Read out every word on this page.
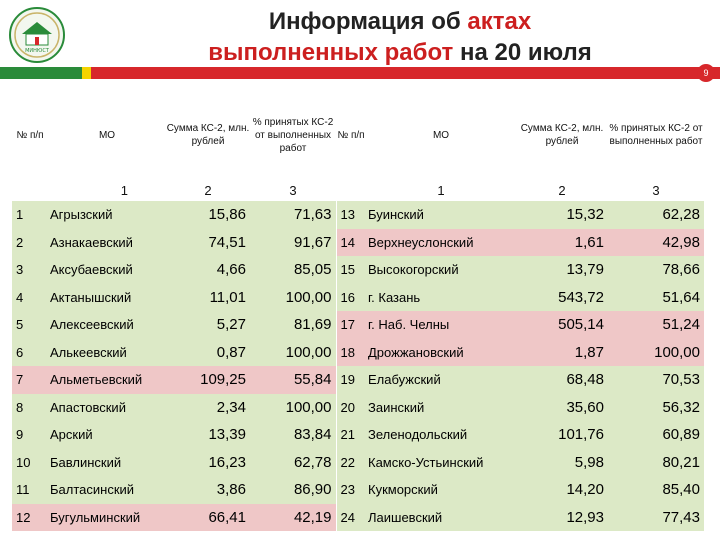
МИНЮСТ
Информация об актах
выполненных работ на 20 июля
9
№ п/п	МО	Сумма КС-2, млн. рублей	% принятых КС-2 от выполненных работ	№ п/п	МО	Сумма КС-2, млн. рублей	% принятых КС-2 от выполненных работ
	1	2	3		1	2	3
1	Агрызский	15,86	71,63	13	Буинский	15,32	62,28
2	Азнакаевский	74,51	91,67	14	Верхнеуслонский	1,61	42,98
3	Аксубаевский	4,66	85,05	15	Высокогорский	13,79	78,66
4	Актанышский	11,01	100,00	16	г. Казань	543,72	51,64
5	Алексеевский	5,27	81,69	17	г. Наб. Челны	505,14	51,24
6	Алькеевский	0,87	100,00	18	Дрожжановский	1,87	100,00
7	Альметьевский	109,25	55,84	19	Елабужский	68,48	70,53
8	Апастовский	2,34	100,00	20	Заинский	35,60	56,32
9	Арский	13,39	83,84	21	Зеленодольский	101,76	60,89
10	Бавлинский	16,23	62,78	22	Камско-Устьинский	5,98	80,21
11	Балтасинский	3,86	86,90	23	Кукморский	14,20	85,40
12	Бугульминский	66,41	42,19	24	Лаишевский	12,93	77,43
